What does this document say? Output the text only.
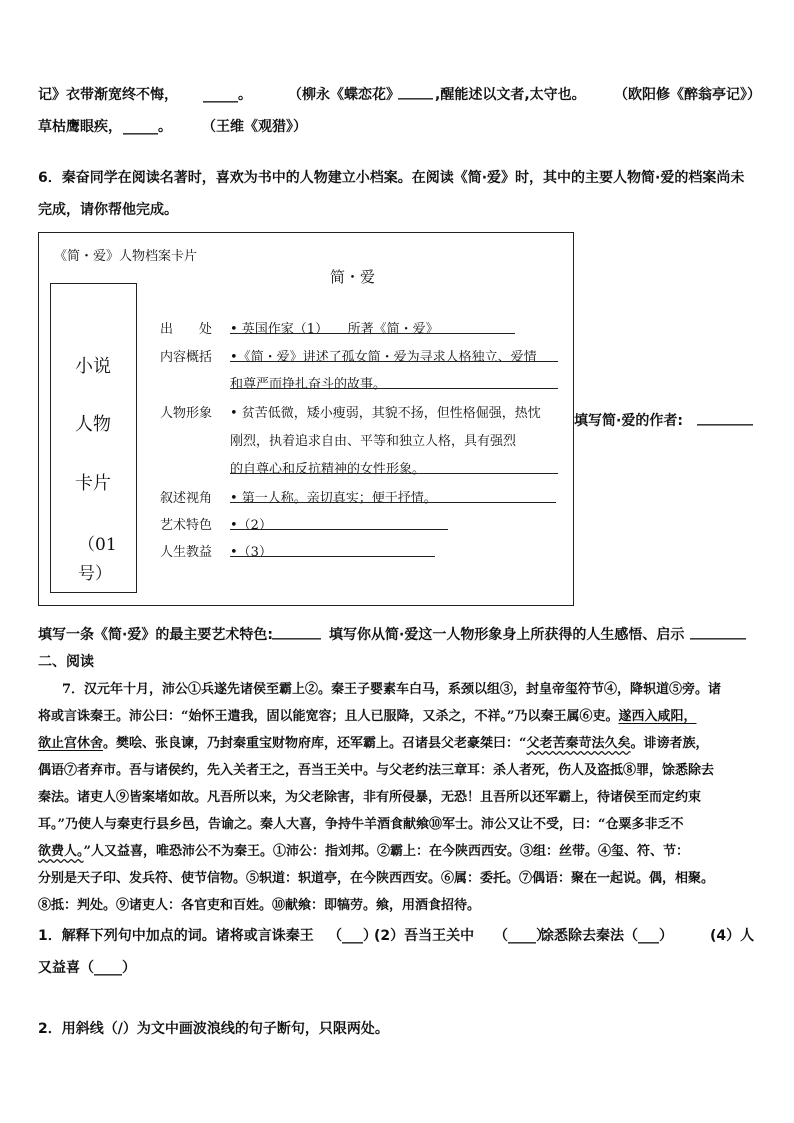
记》衣带渐宽终不悔， _____。	（柳永《蝶恋花》
_____ ,醒能述以文者,太守也。 （欧阳修《醉翁亭记》）
草枯鹰眼疾， _____。 （王维《观猎》）
6．秦奋同学在阅读名著时，喜欢为书中的人物建立小档案。在阅读《简·爱》时，其中的主要人物简·爱的档案尚未
完成，请你帮他完成。
《简・爱》人物档案卡片
简・爱
小说
人物
卡片
（01
号）
出　　处
内容概括
人物形象
叙述视角
艺术特色
人生教益
• 英国作家（1）　　所著《简・爱》
•《简・爱》讲述了孤女简・爱为寻求人格独立、爱情
和尊严而挣扎奋斗的故事。
• 贫苦低微，矮小瘦弱，其貌不扬，但性格倔强，热忱
刚烈，执着追求自由、平等和独立人格，具有强烈
的自尊心和反抗精神的女性形象。
• 第一人称。亲切真实；便于抒情。
•（2）
•（3）
填写简·爱的作者: ________
填写一条《简·爱》的最主要艺术特色: _______ 填写你从简·爱这一人物形象身上所获得的人生感悟、启示 ________
二、阅读
7．汉元年十月，沛公①兵遂先诸侯至霸上②。秦王子婴素车白马，系颈以组③，封皇帝玺符节④，降轵道⑤旁。诸
将或言诛秦王。沛公曰：“始怀王遣我，固以能宽容；且人已服降，又杀之，不祥。”乃以秦王属⑥吏。遂西入咸阳，
欲止宫休舍。樊哙、张良谏，乃封秦重宝财物府库，还军霸上。召诸县父老豪桀曰：“父老苦秦苛法久矣。诽谤者族，
偶语⑦者弃市。吾与诸侯约，先入关者王之，吾当王关中。与父老约法三章耳：杀人者死，伤人及盗抵⑧罪，馀悉除去
秦法。诸吏人⑨皆案堵如故。凡吾所以来，为父老除害，非有所侵暴，无恐！且吾所以还军霸上，待诸侯至而定约束
耳。”乃使人与秦吏行县乡邑，告谕之。秦人大喜，争持牛羊酒食献飨⑩军士。沛公又让不受，曰：“仓粟多非乏不
欲费人。”人又益喜，唯恐沛公不为秦王。①沛公：指刘邦。②霸上：在今陕西西安。③组：丝带。④玺、符、节：
分别是天子印、发兵符、使节信物。⑤轵道：轵道亭，在今陕西西安。⑥属：委托。⑦偶语：聚在一起说。偶，相聚。
⑧抵：判处。⑨诸吏人：各官吏和百姓。⑩献飨：即犒劳。飨，用酒食招待。
1．解释下列句中加点的词。诸将或言诛秦王 （___）
(2）吾当王关中 （____）
馀悉除去秦法（___）	(4）人
又益喜（____）
2．用斜线（/）为文中画波浪线的句子断句，只限两处。
